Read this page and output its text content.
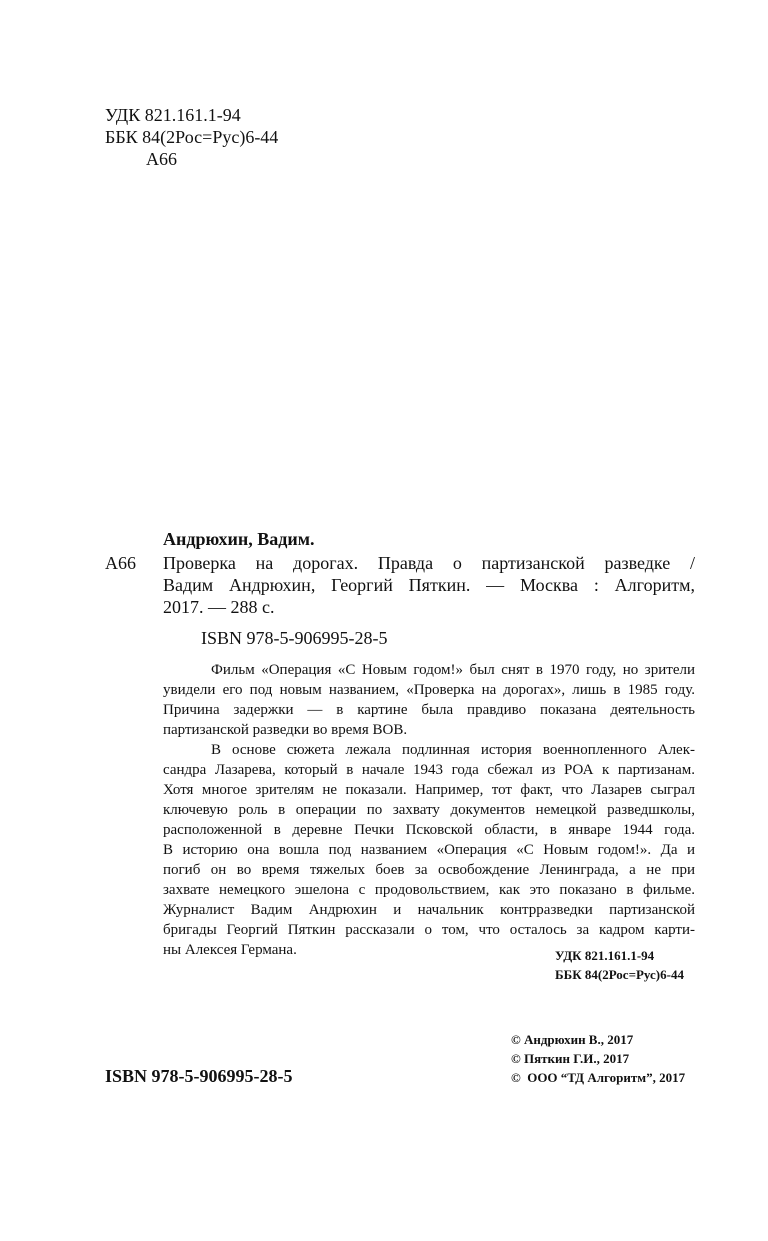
УДК 821.161.1-94
ББК 84(2Рос=Рус)6-44
А66
Андрюхин, Вадим.
А66 Проверка на дорогах. Правда о партизанской разведке /
Вадим Андрюхин, Георгий Пяткин. — Москва : Алгоритм,
2017. — 288 с.
ISBN 978-5-906995-28-5
Фильм «Операция «С Новым годом!» был снят в 1970 году, но зрители
увидели его под новым названием, «Проверка на дорогах», лишь в 1985 году.
Причина задержки — в картине была правдиво показана деятельность
партизанской разведки во время ВОВ.
В основе сюжета лежала подлинная история военнопленного Алек-
сандра Лазарева, который в начале 1943 года сбежал из РОА к партизанам.
Хотя многое зрителям не показали. Например, тот факт, что Лазарев сыграл
ключевую роль в операции по захвату документов немецкой разведшколы,
расположенной в деревне Печки Псковской области, в январе 1944 года.
В историю она вошла под названием «Операция «С Новым годом!». Да и
погиб он во время тяжелых боев за освобождение Ленинграда, а не при
захвате немецкого эшелона с продовольствием, как это показано в фильме.
Журналист Вадим Андрюхин и начальник контрразведки партизанской
бригады Георгий Пяткин рассказали о том, что осталось за кадром карти-
ны Алексея Германа.	УДК 821.161.1-94
ББК 84(2Рос=Рус)6-44
ISBN 978-5-906995-28-5
© Андрюхин В., 2017
© Пяткин Г.И., 2017
©  ООО “ТД Алгоритм”, 2017
